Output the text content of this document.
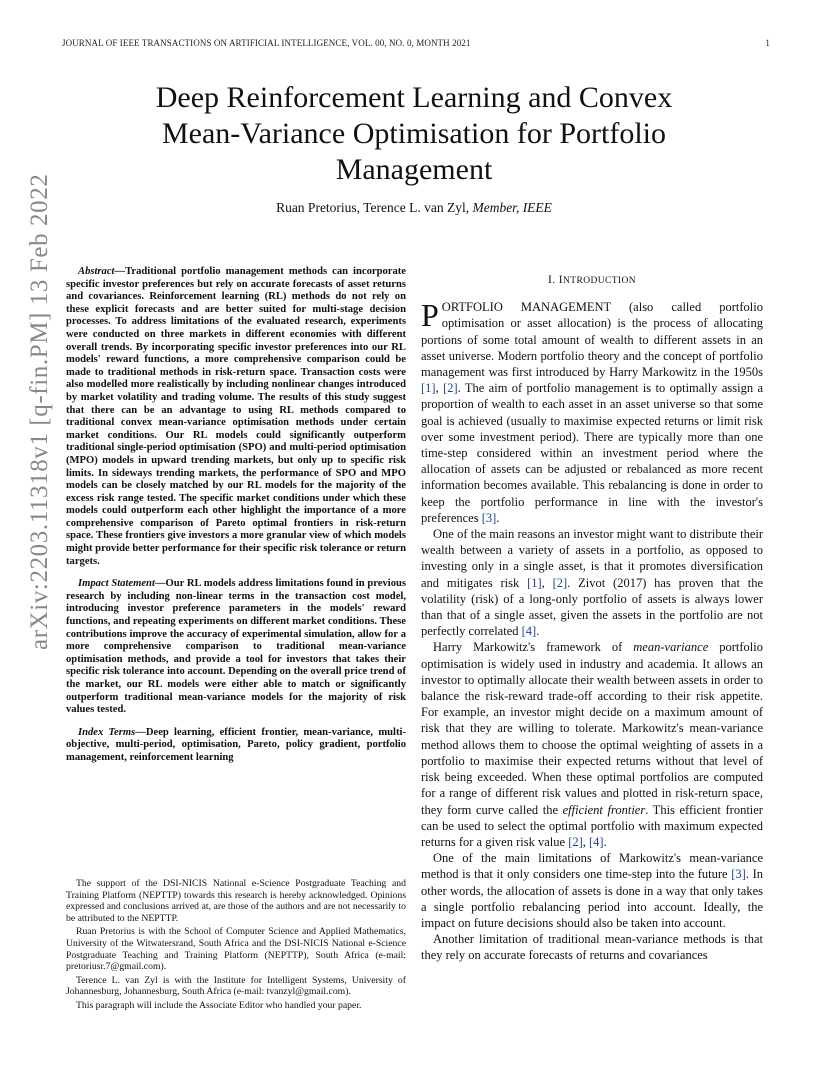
JOURNAL OF IEEE TRANSACTIONS ON ARTIFICIAL INTELLIGENCE, VOL. 00, NO. 0, MONTH 2021	1
Deep Reinforcement Learning and Convex
Mean-Variance Optimisation for Portfolio
Management
Ruan Pretorius, Terence L. van Zyl, Member, IEEE
arXiv:2203.11318v1 [q-fin.PM] 13 Feb 2022	Abstract—Traditional portfolio management methods can incorporate specific investor preferences but rely on accurate forecasts of asset returns and covariances. Reinforcement learning (RL) methods do not rely on these explicit forecasts and are better suited for multi-stage decision processes. To address limitations of the evaluated research, experiments were conducted on three markets in different economies with different overall trends. By incorporating specific investor preferences into our RL models' reward functions, a more comprehensive comparison could be made to traditional methods in risk-return space. Transaction costs were also modelled more realistically by including nonlinear changes introduced by market volatility and trading volume. The results of this study suggest that there can be an advantage to using RL methods compared to traditional convex mean-variance optimisation methods under certain market conditions. Our RL models could significantly outperform traditional single-period optimisation (SPO) and multi-period optimisation (MPO) models in upward trending markets, but only up to specific risk limits. In sideways trending markets, the performance of SPO and MPO models can be closely matched by our RL models for the majority of the excess risk range tested. The specific market conditions under which these models could outperform each other highlight the importance of a more comprehensive comparison of Pareto optimal frontiers in risk-return space. These frontiers give investors a more granular view of which models might provide better performance for their specific risk tolerance or return targets.

Impact Statement—Our RL models address limitations found in previous research by including non-linear terms in the transaction cost model, introducing investor preference parameters in the models' reward functions, and repeating experiments on different market conditions. These contributions improve the accuracy of experimental simulation, allow for a more comprehensive comparison to traditional mean-variance optimisation methods, and provide a tool for investors that takes their specific risk tolerance into account. Depending on the overall price trend of the market, our RL models were either able to match or significantly outperform traditional mean-variance models for the majority of risk values tested.

Index Terms—Deep learning, efficient frontier, mean-variance, multi-objective, multi-period, optimisation, Pareto, policy gradient, portfolio management, reinforcement learning

The support of the DSI-NICIS National e-Science Postgraduate Teaching and Training Platform (NEPTTP) towards this research is hereby acknowledged. Opinions expressed and conclusions arrived at, are those of the authors and are not necessarily to be attributed to the NEPTTP.

Ruan Pretorius is with the School of Computer Science and Applied Mathematics, University of the Witwatersrand, South Africa and the DSI-NICIS National e-Science Postgraduate Teaching and Training Platform (NEPTTP), South Africa (e-mail: pretoriusr.7@gmail.com).

Terence L. van Zyl is with the Institute for Intelligent Systems, University of Johannesburg, Johannesburg, South Africa (e-mail: tvanzyl@gmail.com).

This paragraph will include the Associate Editor who handled your paper.

I. INTRODUCTION

PORTFOLIO MANAGEMENT (also called portfolio optimisation or asset allocation) is the process of allocating portions of some total amount of wealth to different assets in an asset universe. Modern portfolio theory and the concept of portfolio management was first introduced by Harry Markowitz in the 1950s [1], [2]. The aim of portfolio management is to optimally assign a proportion of wealth to each asset in an asset universe so that some goal is achieved (usually to maximise expected returns or limit risk over some investment period). There are typically more than one time-step considered within an investment period where the allocation of assets can be adjusted or rebalanced as more recent information becomes available. This rebalancing is done in order to keep the portfolio performance in line with the investor's preferences [3].

One of the main reasons an investor might want to distribute their wealth between a variety of assets in a portfolio, as opposed to investing only in a single asset, is that it promotes diversification and mitigates risk [1], [2]. Zivot (2017) has proven that the volatility (risk) of a long-only portfolio of assets is always lower than that of a single asset, given the assets in the portfolio are not perfectly correlated [4].

Harry Markowitz's framework of mean-variance portfolio optimisation is widely used in industry and academia. It allows an investor to optimally allocate their wealth between assets in order to balance the risk-reward trade-off according to their risk appetite. For example, an investor might decide on a maximum amount of risk that they are willing to tolerate. Markowitz's mean-variance method allows them to choose the optimal weighting of assets in a portfolio to maximise their expected returns without that level of risk being exceeded. When these optimal portfolios are computed for a range of different risk values and plotted in risk-return space, they form curve called the efficient frontier. This efficient frontier can be used to select the optimal portfolio with maximum expected returns for a given risk value [2], [4].

One of the main limitations of Markowitz's mean-variance method is that it only considers one time-step into the future [3]. In other words, the allocation of assets is done in a way that only takes a single portfolio rebalancing period into account. Ideally, the impact on future decisions should also be taken into account.

Another limitation of traditional mean-variance methods is that they rely on accurate forecasts of returns and covariances
